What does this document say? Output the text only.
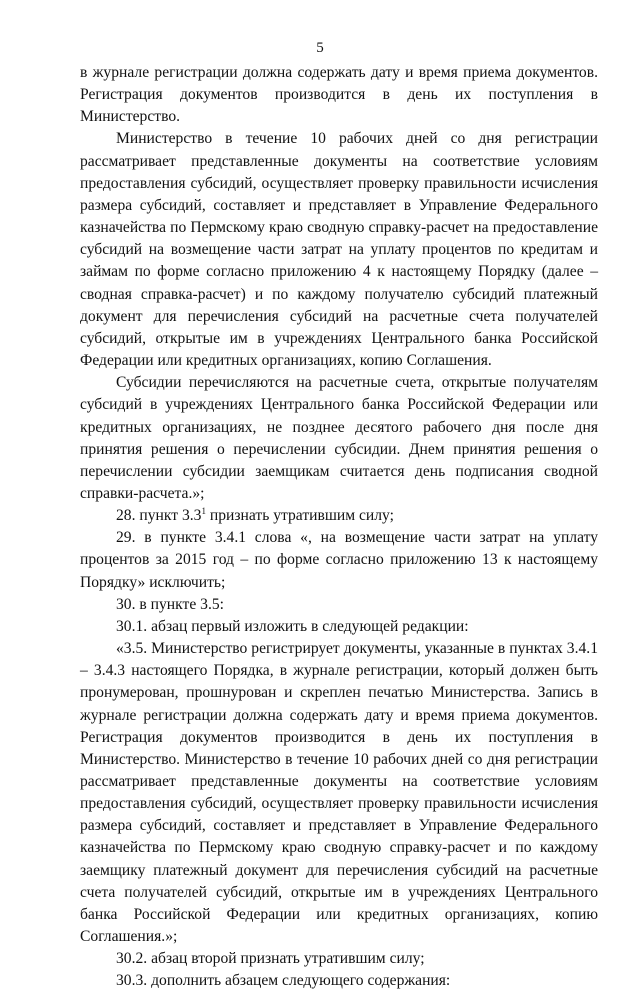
5

в журнале регистрации должна содержать дату и время приема документов. Регистрация документов производится в день их поступления в Министерство.

Министерство в течение 10 рабочих дней со дня регистрации рассматривает представленные документы на соответствие условиям предоставления субсидий, осуществляет проверку правильности исчисления размера субсидий, составляет и представляет в Управление Федерального казначейства по Пермскому краю сводную справку-расчет на предоставление субсидий на возмещение части затрат на уплату процентов по кредитам и займам по форме согласно приложению 4 к настоящему Порядку (далее – сводная справка-расчет) и по каждому получателю субсидий платежный документ для перечисления субсидий на расчетные счета получателей субсидий, открытые им в учреждениях Центрального банка Российской Федерации или кредитных организациях, копию Соглашения.

Субсидии перечисляются на расчетные счета, открытые получателям субсидий в учреждениях Центрального банка Российской Федерации или кредитных организациях, не позднее десятого рабочего дня после дня принятия решения о перечислении субсидии. Днем принятия решения о перечислении субсидии заемщикам считается день подписания сводной справки-расчета.»;

28. пункт $3.3^1$ признать утратившим силу;

29. в пункте 3.4.1 слова «, на возмещение части затрат на уплату процентов за 2015 год – по форме согласно приложению 13 к настоящему Порядку» исключить;

30. в пункте 3.5:

30.1. абзац первый изложить в следующей редакции:

«3.5. Министерство регистрирует документы, указанные в пунктах 3.4.1 – 3.4.3 настоящего Порядка, в журнале регистрации, который должен быть пронумерован, прошнурован и скреплен печатью Министерства. Запись в журнале регистрации должна содержать дату и время приема документов. Регистрация документов производится в день их поступления в Министерство. Министерство в течение 10 рабочих дней со дня регистрации рассматривает представленные документы на соответствие условиям предоставления субсидий, осуществляет проверку правильности исчисления размера субсидий, составляет и представляет в Управление Федерального казначейства по Пермскому краю сводную справку-расчет и по каждому заемщику платежный документ для перечисления субсидий на расчетные счета получателей субсидий, открытые им в учреждениях Центрального банка Российской Федерации или кредитных организациях, копию Соглашения.»;

30.2. абзац второй признать утратившим силу;

30.3. дополнить абзацем следующего содержания:
